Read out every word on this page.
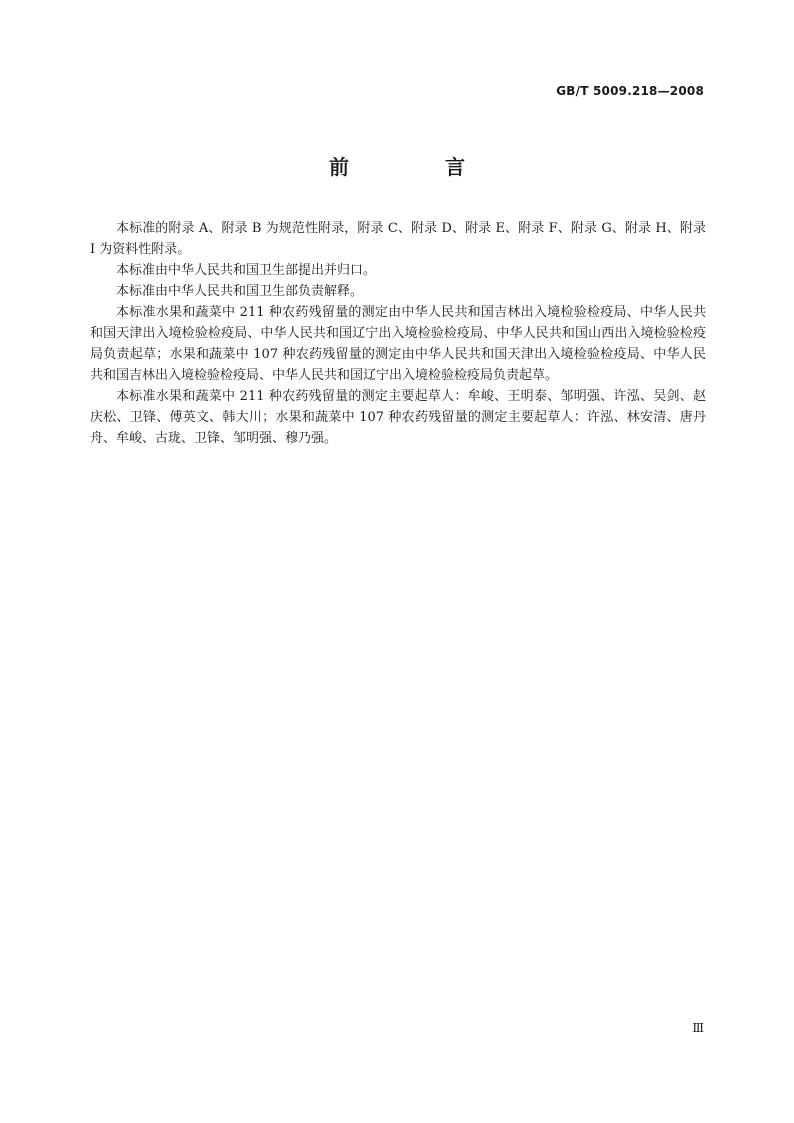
GB/T 5009.218—2008
前　言

本标准的附录 A、附录 B 为规范性附录，附录 C、附录 D、附录 E、附录 F、附录 G、附录 H、附录 I 为资料性附录。

本标准由中华人民共和国卫生部提出并归口。

本标准由中华人民共和国卫生部负责解释。

本标准水果和蔬菜中 211 种农药残留量的测定由中华人民共和国吉林出入境检验检疫局、中华人民共和国天津出入境检验检疫局、中华人民共和国辽宁出入境检验检疫局、中华人民共和国山西出入境检验检疫局负责起草；水果和蔬菜中 107 种农药残留量的测定由中华人民共和国天津出入境检验检疫局、中华人民共和国吉林出入境检验检疫局、中华人民共和国辽宁出入境检验检疫局负责起草。

本标准水果和蔬菜中 211 种农药残留量的测定主要起草人：牟峻、王明泰、邹明强、许泓、吴剑、赵庆松、卫锋、傅英文、韩大川；水果和蔬菜中 107 种农药残留量的测定主要起草人：许泓、林安清、唐丹舟、牟峻、古珑、卫锋、邹明强、穆乃强。

Ⅲ
